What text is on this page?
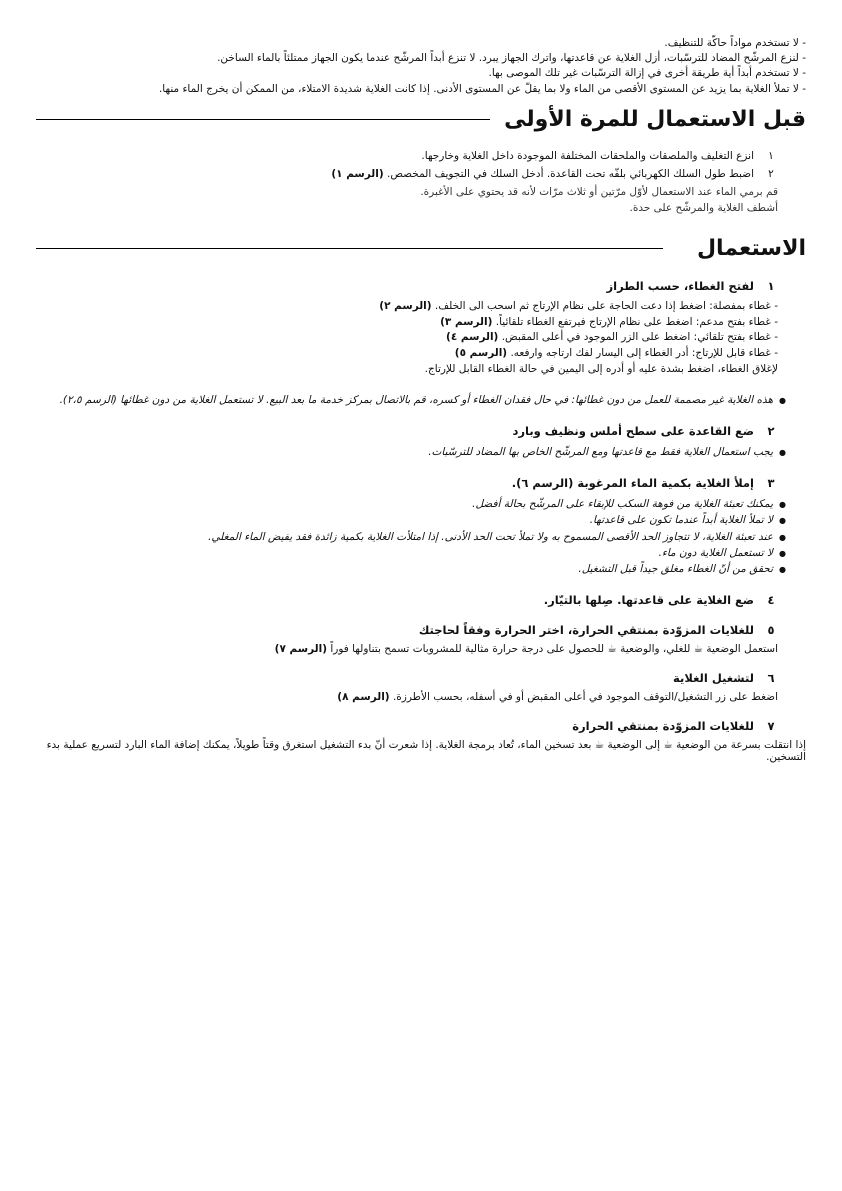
- لا تستخدم مواداً حاكّة للتنظيف.
- لنزع المرشّح المضاد للترسّبات، أزل الغلاية عن قاعدتها، واترك الجهاز يبرد. لا تنزع أبداً المرشّح عندما يكون الجهاز ممتلئاً بالماء الساخن.
- لا تستخدم أبداً أية طريقة أخرى في إزالة الترسّبات غير تلك الموصى بها.
- لا تملأ الغلاية بما يزيد عن المستوى الأقصى من الماء ولا بما يقلّ عن المستوى الأدنى. إذا كانت الغلاية شديدة الامتلاء، من الممكن أن يخرج الماء منها.
قبل الاستعمال للمرة الأولى
١
انزع التغليف والملصقات والملحقات المختلفة الموجودة داخل الغلاية وخارجها.
٢
اضبط طول السلك الكهربائي بلفّه تحت القاعدة. أدخل السلك في التجويف المخصص. (الرسم ١)
قم برمي الماء عند الاستعمال لأوّل مرّتين أو ثلاث مرّات لأنه قد يحتوي على الأغبرة.
أشطف الغلاية والمرشّح على حدة.
الاستعمال
١
لفتح الغطاء، حسب الطراز
- غطاء بمفصلة: اضغط إذا دعت الحاجة على نظام الإرتاج ثم اسحب الى الخلف. (الرسم ٢)
- غطاء بفتح مدعم: اضغط على نظام الإرتاج فيرتفع الغطاء تلقائياً. (الرسم ٣)
- غطاء بفتح تلقائي: اضغط على الزر الموجود في أعلى المقبض. (الرسم ٤)
- غطاء قابل للإرتاج: أدر الغطاء إلى اليسار لفك ارتاجه وارفعه. (الرسم ٥)
لإغلاق الغطاء، اضغط بشدة عليه أو أدره إلى اليمين في حالة الغطاء القابل للإرتاج.
● هذه الغلاية غير مصممة للعمل من دون غطائها: في حال فقدان الغطاء أو كسره، قم بالاتصال بمركز خدمة ما بعد البيع. لا تستعمل الغلاية من دون غطائها (الرسم ٢،٥).
٢
ضع القاعدة على سطح أملس ونظيف وبارد
● يجب استعمال الغلاية فقط مع قاعدتها ومع المرشّح الخاص بها المضاد للترسّبات.
٣
إملأ الغلاية بكمية الماء المرغوبة (الرسم ٦).
● يمكنك تعبئة الغلاية من فوهة السكب للإبقاء على المرشّح بحالة أفضل.
● لا تملأ الغلاية أبداً عندما تكون على قاعدتها.
● عند تعبئة الغلاية، لا تتجاوز الحد الأقصى المسموح به ولا تملأ تحت الحد الأدنى. إذا امتلأت الغلاية بكمية زائدة فقد يفيض الماء المغلي.
● لا تستعمل الغلاية دون ماء.
● تحقق من أنّ الغطاء مغلق جيداً قبل التشغيل.
٤
ضع الغلاية على قاعدتها. صِلها بالتيّار.
٥
للغلايات المزوّدة بمنتقي الحرارة، اختر الحرارة وفقاً لحاجتك
استعمل الوضعية ☕ للغلي، والوضعية ☕ للحصول على درجة حرارة مثالية للمشروبات تسمح بتناولها فوراً (الرسم ٧)
٦
لتشغيل الغلاية
اضغط على زر التشغيل/التوقف الموجود في أعلى المقبض أو في أسفله، بحسب الأطرزة. (الرسم ٨)
٧
للغلايات المزوّدة بمنتقي الحرارة
إذا انتقلت بسرعة من الوضعية ☕ إلى الوضعية ☕ بعد تسخين الماء، تُعاد برمجة الغلاية. إذا شعرت أنّ بدء التشغيل استغرق وقتاً طويلاً، يمكنك إضافة الماء البارد لتسريع عملية بدء التسخين.
